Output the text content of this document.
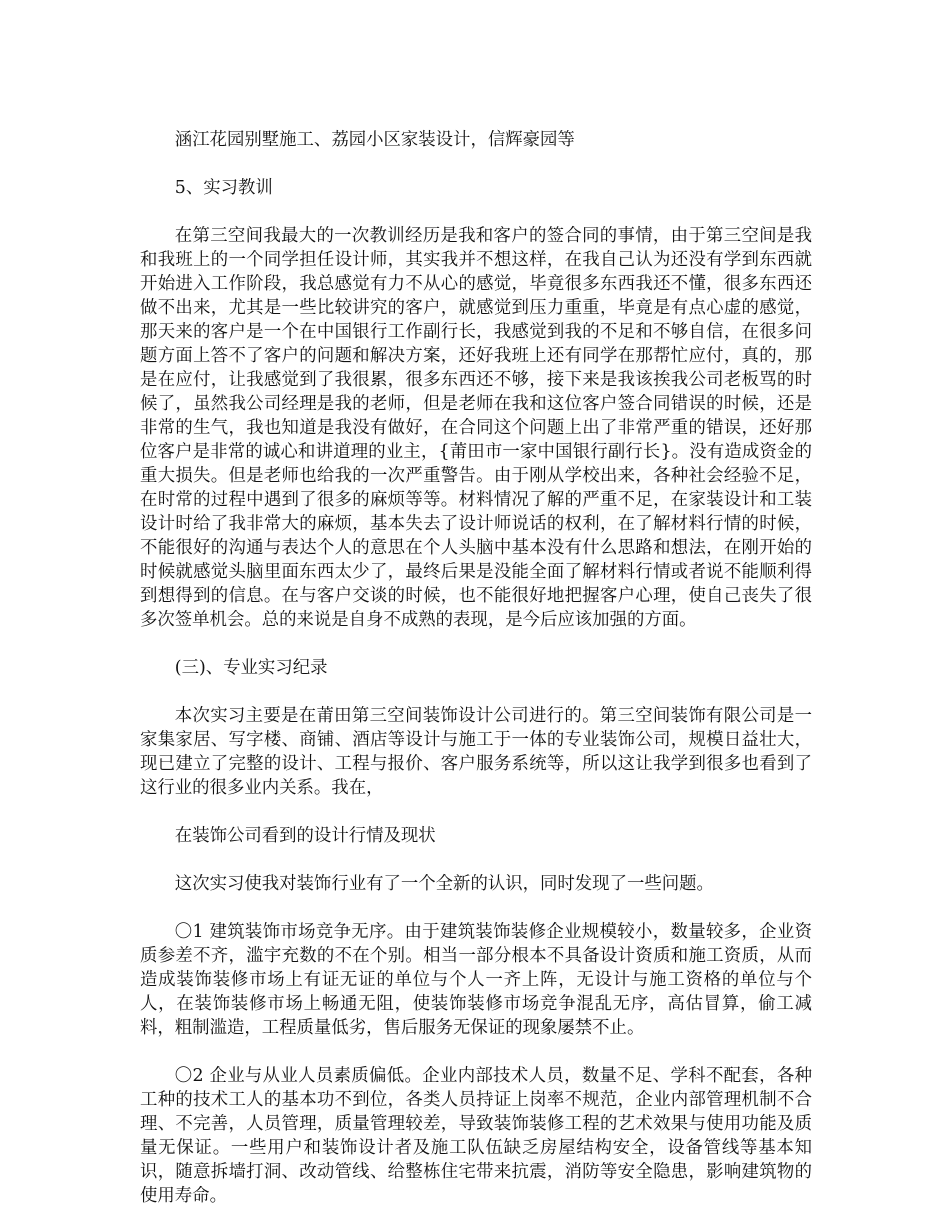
涵江花园别墅施工、荔园小区家装设计，信辉豪园等

5、实习教训

在第三空间我最大的一次教训经历是我和客户的签合同的事情，由于第三空间是我和我班上的一个同学担任设计师，其实我并不想这样，在我自己认为还没有学到东西就开始进入工作阶段，我总感觉有力不从心的感觉，毕竟很多东西我还不懂，很多东西还做不出来，尤其是一些比较讲究的客户，就感觉到压力重重，毕竟是有点心虚的感觉，那天来的客户是一个在中国银行工作副行长，我感觉到我的不足和不够自信，在很多问题方面上答不了客户的问题和解决方案，还好我班上还有同学在那帮忙应付，真的，那是在应付，让我感觉到了我很累，很多东西还不够，接下来是我该挨我公司老板骂的时候了，虽然我公司经理是我的老师，但是老师在我和这位客户签合同错误的时候，还是非常的生气，我也知道是我没有做好，在合同这个问题上出了非常严重的错误，还好那位客户是非常的诚心和讲道理的业主，{莆田市一家中国银行副行长}。没有造成资金的重大损失。但是老师也给我的一次严重警告。由于刚从学校出来，各种社会经验不足，在时常的过程中遇到了很多的麻烦等等。材料情况了解的严重不足，在家装设计和工装设计时给了我非常大的麻烦，基本失去了设计师说话的权利，在了解材料行情的时候，不能很好的沟通与表达个人的意思在个人头脑中基本没有什么思路和想法，在刚开始的时候就感觉头脑里面东西太少了，最终后果是没能全面了解材料行情或者说不能顺利得到想得到的信息。在与客户交谈的时候，也不能很好地把握客户心理，使自己丧失了很多次签单机会。总的来说是自身不成熟的表现，是今后应该加强的方面。

(三)、专业实习纪录

本次实习主要是在莆田第三空间装饰设计公司进行的。第三空间装饰有限公司是一家集家居、写字楼、商铺、酒店等设计与施工于一体的专业装饰公司，规模日益壮大，现已建立了完整的设计、工程与报价、客户服务系统等，所以这让我学到很多也看到了这行业的很多业内关系。我在，

在装饰公司看到的设计行情及现状

这次实习使我对装饰行业有了一个全新的认识，同时发现了一些问题。

〇1 建筑装饰市场竞争无序。由于建筑装饰装修企业规模较小，数量较多，企业资质参差不齐，滥宇充数的不在个别。相当一部分根本不具备设计资质和施工资质，从而造成装饰装修市场上有证无证的单位与个人一齐上阵，无设计与施工资格的单位与个人，在装饰装修市场上畅通无阻，使装饰装修市场竞争混乱无序，高估冒算，偷工减料，粗制滥造，工程质量低劣，售后服务无保证的现象屡禁不止。

〇2 企业与从业人员素质偏低。企业内部技术人员，数量不足、学科不配套，各种工种的技术工人的基本功不到位，各类人员持证上岗率不规范，企业内部管理机制不合理、不完善，人员管理，质量管理较差，导致装饰装修工程的艺术效果与使用功能及质量无保证。一些用户和装饰设计者及施工队伍缺乏房屋结构安全，设备管线等基本知识，随意拆墙打洞、改动管线、给整栋住宅带来抗震，消防等安全隐患，影响建筑物的使用寿命。
